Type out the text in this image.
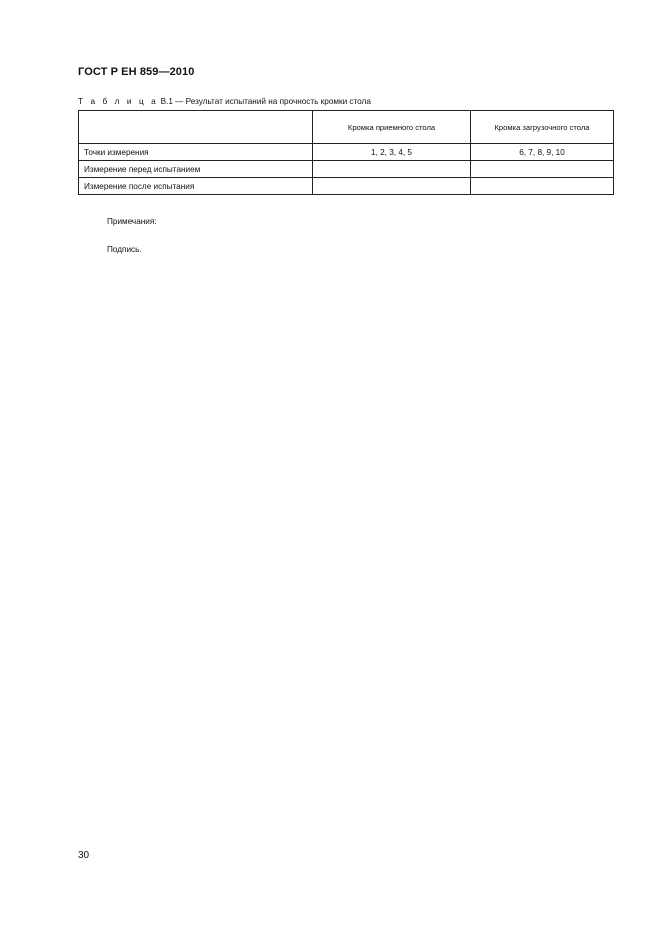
ГОСТ Р ЕН 859—2010
Т а б л и ц а B.1 — Результат испытаний на прочность кромки стола
	Кромка приемного стола	Кромка загрузочного стола
Точки измерения	1, 2, 3, 4, 5	6, 7, 8, 9, 10
Измерение перед испытанием		
Измерение после испытания		
Примечания:
Подпись.
30
